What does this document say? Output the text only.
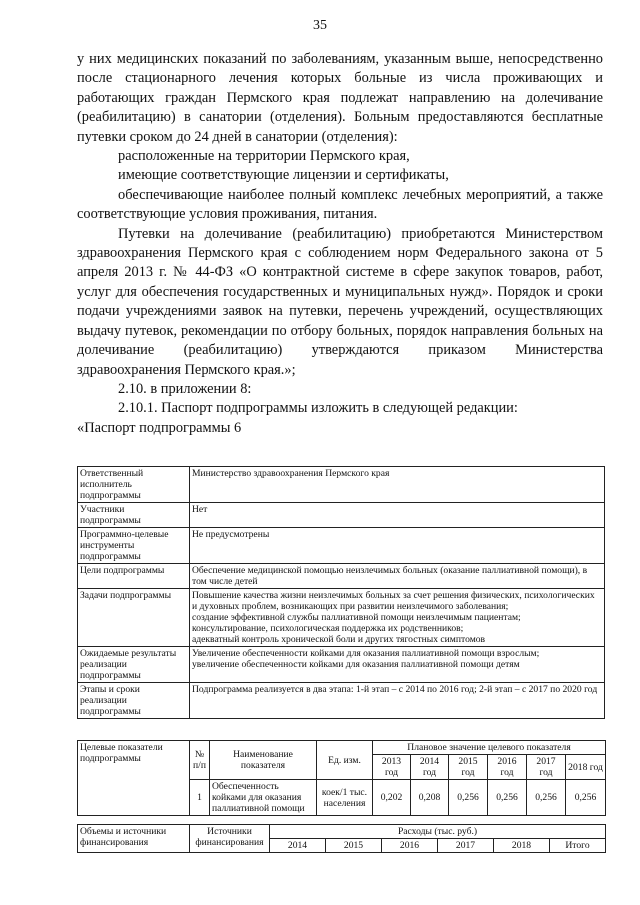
35

у них медицинских показаний по заболеваниям, указанным выше, непосредственно после стационарного лечения которых больные из числа проживающих и работающих граждан Пермского края подлежат направлению на долечивание (реабилитацию) в санатории (отделения). Больным предоставляются бесплатные путевки сроком до 24 дней в санатории (отделения):

расположенные на территории Пермского края,

имеющие соответствующие лицензии и сертификаты,

обеспечивающие наиболее полный комплекс лечебных мероприятий, а также соответствующие условия проживания, питания.

Путевки на долечивание (реабилитацию) приобретаются Министерством здравоохранения Пермского края с соблюдением норм Федерального закона от 5 апреля 2013 г. № 44-ФЗ «О контрактной системе в сфере закупок товаров, работ, услуг для обеспечения государственных и муниципальных нужд». Порядок и сроки подачи учреждениями заявок на путевки, перечень учреждений, осуществляющих выдачу путевок, рекомендации по отбору больных, порядок направления больных на долечивание (реабилитацию) утверждаются приказом Министерства здравоохранения Пермского края.»;

2.10. в приложении 8:

2.10.1. Паспорт подпрограммы изложить в следующей редакции:

«Паспорт подпрограммы 6

Ответственный исполнитель подпрограммы	Министерство здравоохранения Пермского края
Участники подпрограммы	Нет
Программно-целевые инструменты подпрограммы	Не предусмотрены
Цели подпрограммы	Обеспечение медицинской помощью неизлечимых больных (оказание паллиативной помощи), в том числе детей
Задачи подпрограммы	Повышение качества жизни неизлечимых больных за счет решения физических, психологических и духовных проблем, возникающих при развитии неизлечимого заболевания;
создание эффективной службы паллиативной помощи неизлечимым пациентам;
консультирование, психологическая поддержка их родственников;
адекватный контроль хронической боли и других тягостных симптомов
Ожидаемые результаты реализации подпрограммы	Увеличение обеспеченности койками для оказания паллиативной помощи взрослым;
увеличение обеспеченности койками для оказания паллиативной помощи детям
Этапы и сроки реализации подпрограммы	Подпрограмма реализуется в два этапа: 1-й этап – с 2014 по 2016 год; 2-й этап – с 2017 по 2020 год
Целевые показатели подпрограммы	№ п/п	Наименование показателя	Ед. изм.	Плановое значение целевого показателя					
				2013 год	2014 год	2015 год	2016 год	2017 год	2018 год
	1	Обеспеченность койками для оказания паллиативной помощи	коек/1 тыс. населения	0,202	0,208	0,256	0,256	0,256	0,256
Объемы и источники финансирования	Источники финансирования	Расходы (тыс. руб.)					
		2014	2015	2016	2017	2018	Итого
